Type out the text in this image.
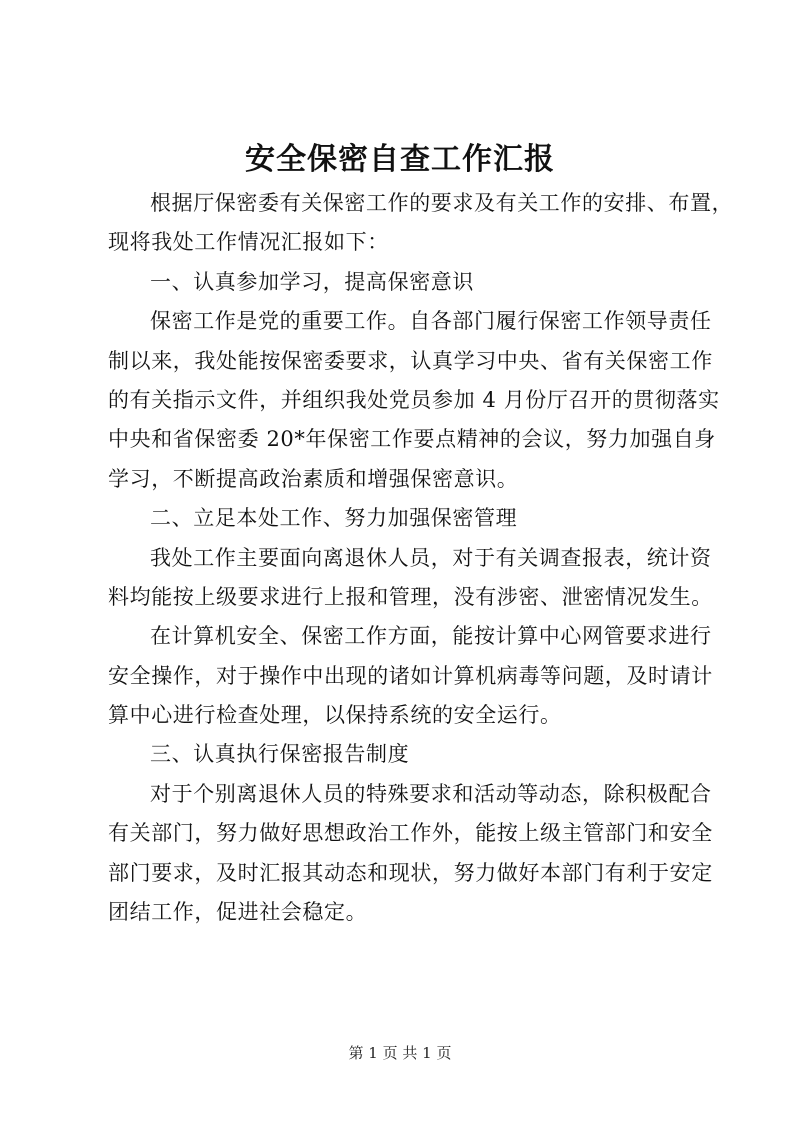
安全保密自查工作汇报
根据厅保密委有关保密工作的要求及有关工作的安排、布置，
现将我处工作情况汇报如下：
一、认真参加学习，提高保密意识
保密工作是党的重要工作。自各部门履行保密工作领导责任
制以来，我处能按保密委要求，认真学习中央、省有关保密工作
的有关指示文件，并组织我处党员参加 4 月份厅召开的贯彻落实
中央和省保密委 20*年保密工作要点精神的会议，努力加强自身
学习，不断提高政治素质和增强保密意识。
二、立足本处工作、努力加强保密管理
我处工作主要面向离退休人员，对于有关调查报表，统计资
料均能按上级要求进行上报和管理，没有涉密、泄密情况发生。
在计算机安全、保密工作方面，能按计算中心网管要求进行
安全操作，对于操作中出现的诸如计算机病毒等问题，及时请计
算中心进行检查处理，以保持系统的安全运行。
三、认真执行保密报告制度
对于个别离退休人员的特殊要求和活动等动态，除积极配合
有关部门，努力做好思想政治工作外，能按上级主管部门和安全
部门要求，及时汇报其动态和现状，努力做好本部门有利于安定
团结工作，促进社会稳定。
第 1 页 共 1 页
